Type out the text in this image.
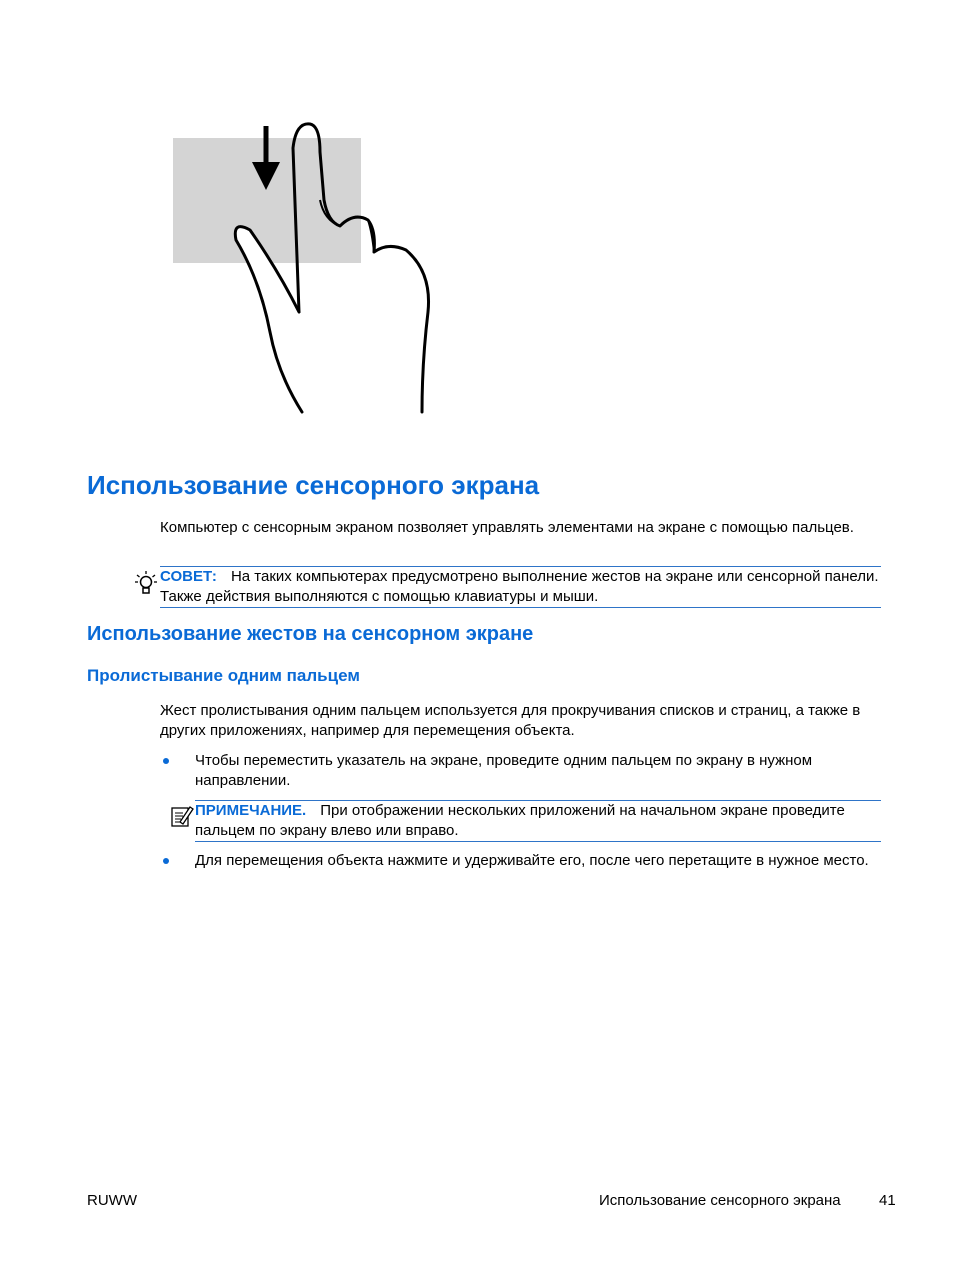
Использование сенсорного экрана

Компьютер с сенсорным экраном позволяет управлять элементами на экране с помощью пальцев.

СОВЕТ: На таких компьютерах предусмотрено выполнение жестов на экране или сенсорной панели. Также действия выполняются с помощью клавиатуры и мыши.
Использование жестов на сенсорном экране
Пролистывание одним пальцем

Жест пролистывания одним пальцем используется для прокручивания списков и страниц, а также в других приложениях, например для перемещения объекта.

Чтобы переместить указатель на экране, проведите одним пальцем по экрану в нужном направлении.

ПРИМЕЧАНИЕ. При отображении нескольких приложений на начальном экране проведите пальцем по экрану влево или вправо.

Для перемещения объекта нажмите и удерживайте его, после чего перетащите в нужное место.

RUWW	Использование сенсорного экрана	41
